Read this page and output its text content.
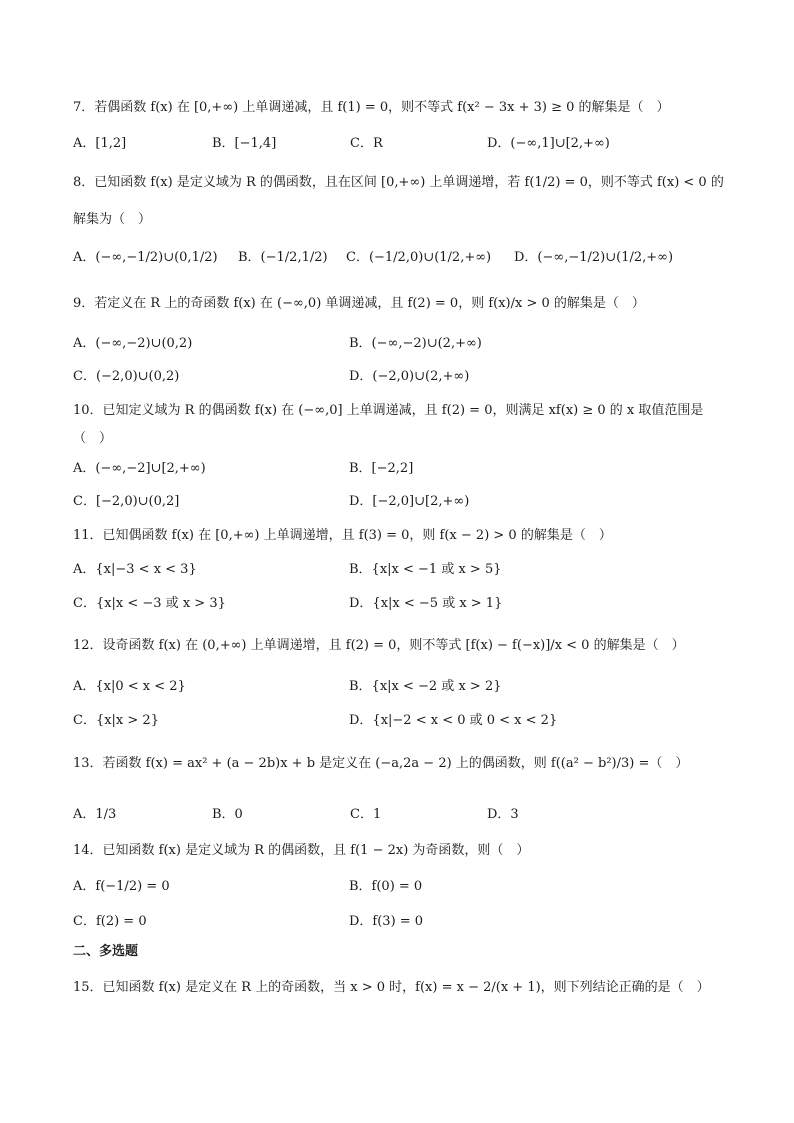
7．若偶函数 f(x) 在 [0,+∞) 上单调递减，且 f(1) = 0，则不等式 f(x² − 3x + 3) ≥ 0 的解集是（　）
A．[1,2]	B．[−1,4]	C．R	D．(−∞,1]∪[2,+∞)
8．已知函数 f(x) 是定义域为 R 的偶函数，且在区间 [0,+∞) 上单调递增，若 f(1/2) = 0，则不等式 f(x) < 0 的
解集为（　）
A．(−∞,−1/2)∪(0,1/2) B．(−1/2,1/2) C．(−1/2,0)∪(1/2,+∞) D．(−∞,−1/2)∪(1/2,+∞)
9．若定义在 R 上的奇函数 f(x) 在 (−∞,0) 单调递减，且 f(2) = 0，则 f(x)/x > 0 的解集是（　）
A．(−∞,−2)∪(0,2)	B．(−∞,−2)∪(2,+∞)
C．(−2,0)∪(0,2)	D．(−2,0)∪(2,+∞)
10．已知定义域为 R 的偶函数 f(x) 在 (−∞,0] 上单调递减，且 f(2) = 0，则满足 xf(x) ≥ 0 的 x 取值范围是
（　）
A．(−∞,−2]∪[2,+∞)	B．[−2,2]
C．[−2,0)∪(0,2]	D．[−2,0]∪[2,+∞)
11．已知偶函数 f(x) 在 [0,+∞) 上单调递增，且 f(3) = 0，则 f(x − 2) > 0 的解集是（　）
A．{x|−3 < x < 3}	B．{x|x < −1 或 x > 5}
C．{x|x < −3 或 x > 3}	D．{x|x < −5 或 x > 1}
12．设奇函数 f(x) 在 (0,+∞) 上单调递增，且 f(2) = 0，则不等式 [f(x) − f(−x)]/x < 0 的解集是（　）
A．{x|0 < x < 2}	B．{x|x < −2 或 x > 2}
C．{x|x > 2}	D．{x|−2 < x < 0 或 0 < x < 2}
13．若函数 f(x) = ax² + (a − 2b)x + b 是定义在 (−a,2a − 2) 上的偶函数，则 f((a² − b²)/3) =（　）
A．1/3	B．0	C．1	D．3
14．已知函数 f(x) 是定义域为 R 的偶函数，且 f(1 − 2x) 为奇函数，则（　）
A．f(−1/2) = 0	B．f(0) = 0
C．f(2) = 0	D．f(3) = 0
二、多选题
15．已知函数 f(x) 是定义在 R 上的奇函数，当 x > 0 时，f(x) = x − 2/(x + 1)，则下列结论正确的是（　）
